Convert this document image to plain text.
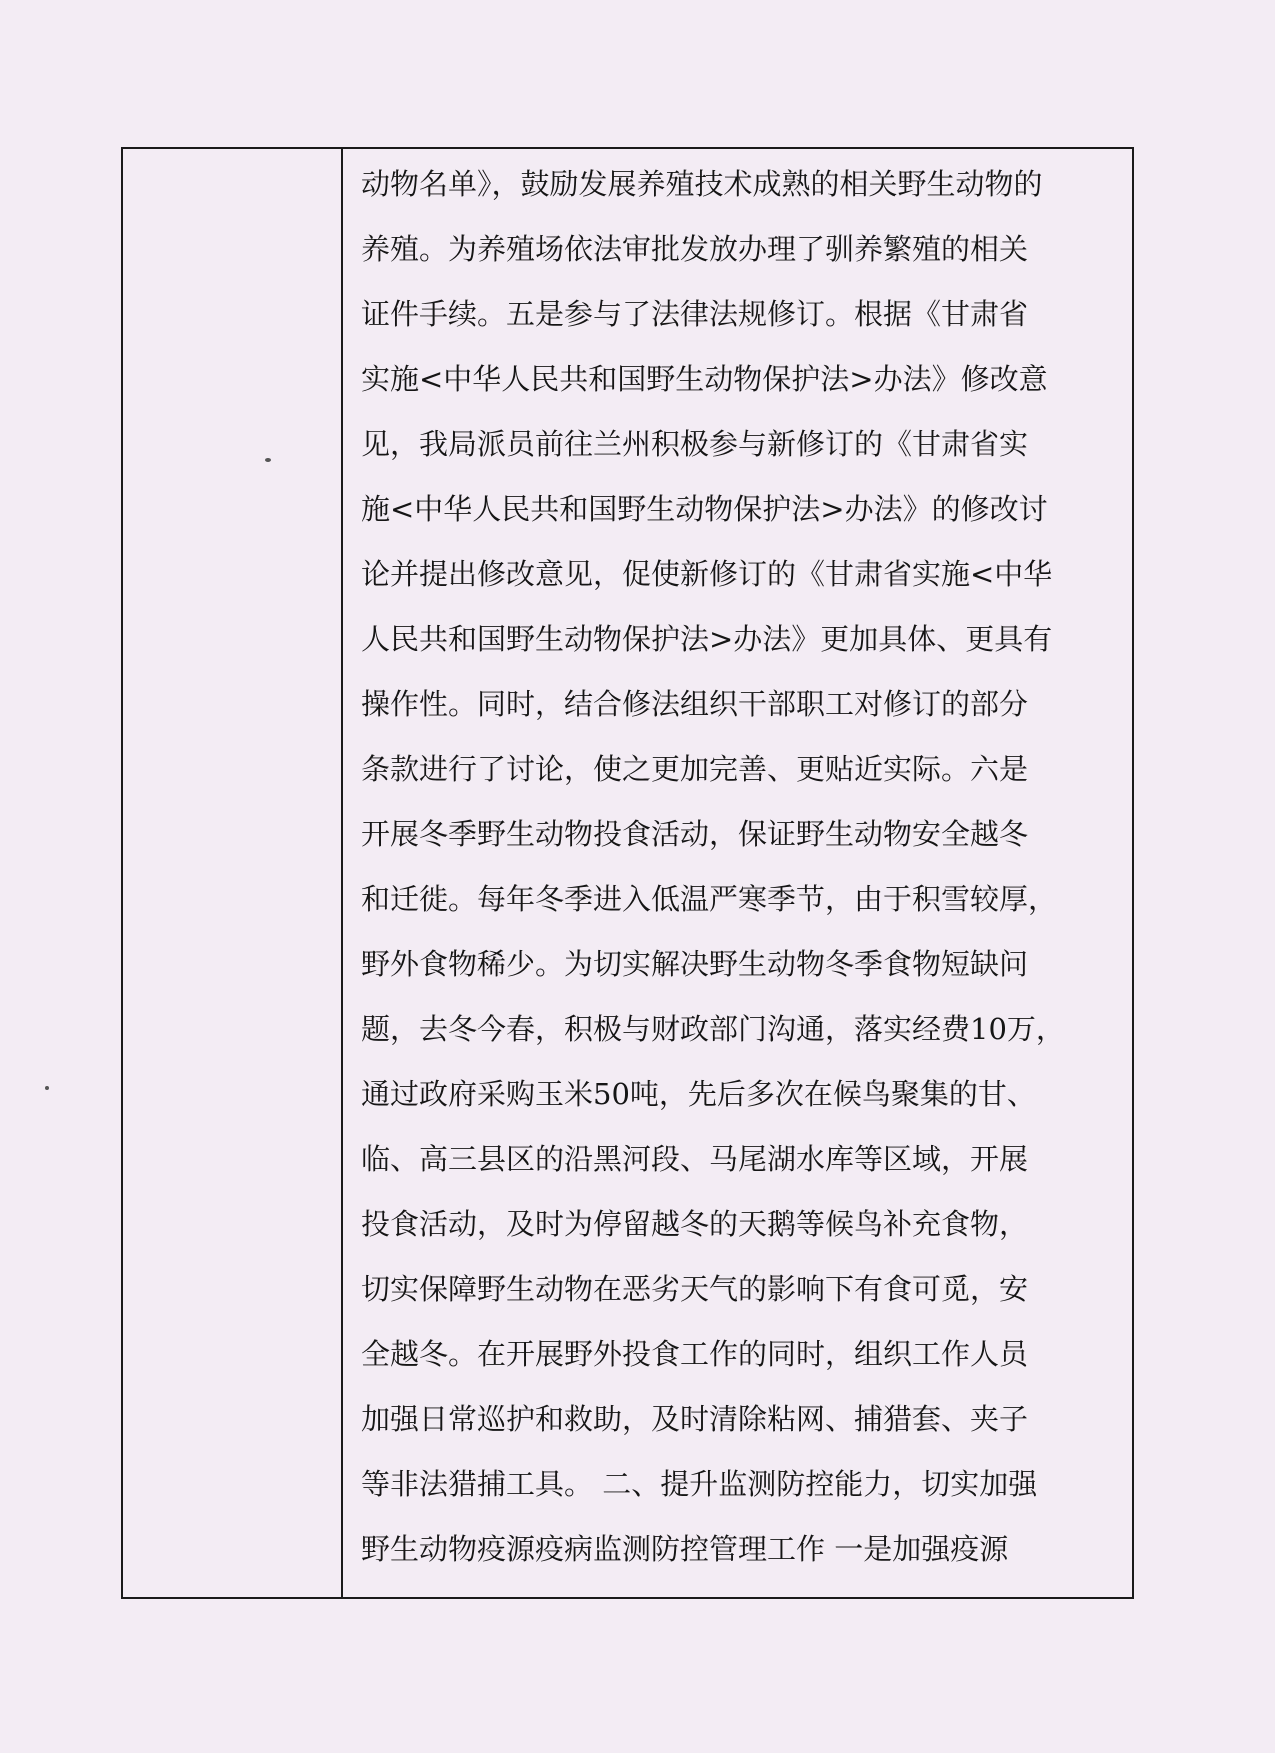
动物名单》，鼓励发展养殖技术成熟的相关野生动物的
养殖。为养殖场依法审批发放办理了驯养繁殖的相关
证件手续。五是参与了法律法规修订。根据《甘肃省
实施<中华人民共和国野生动物保护法>办法》修改意
见，我局派员前往兰州积极参与新修订的《甘肃省实
施<中华人民共和国野生动物保护法>办法》的修改讨
论并提出修改意见，促使新修订的《甘肃省实施<中华
人民共和国野生动物保护法>办法》更加具体、更具有
操作性。同时，结合修法组织干部职工对修订的部分
条款进行了讨论，使之更加完善、更贴近实际。六是
开展冬季野生动物投食活动，保证野生动物安全越冬
和迁徙。每年冬季进入低温严寒季节，由于积雪较厚，
野外食物稀少。为切实解决野生动物冬季食物短缺问
题，去冬今春，积极与财政部门沟通，落实经费10万，
通过政府采购玉米50吨，先后多次在候鸟聚集的甘、
临、高三县区的沿黑河段、马尾湖水库等区域，开展
投食活动，及时为停留越冬的天鹅等候鸟补充食物，
切实保障野生动物在恶劣天气的影响下有食可觅，安
全越冬。在开展野外投食工作的同时，组织工作人员
加强日常巡护和救助，及时清除粘网、捕猎套、夹子
等非法猎捕工具。 二、提升监测防控能力，切实加强
野生动物疫源疫病监测防控管理工作 一是加强疫源
